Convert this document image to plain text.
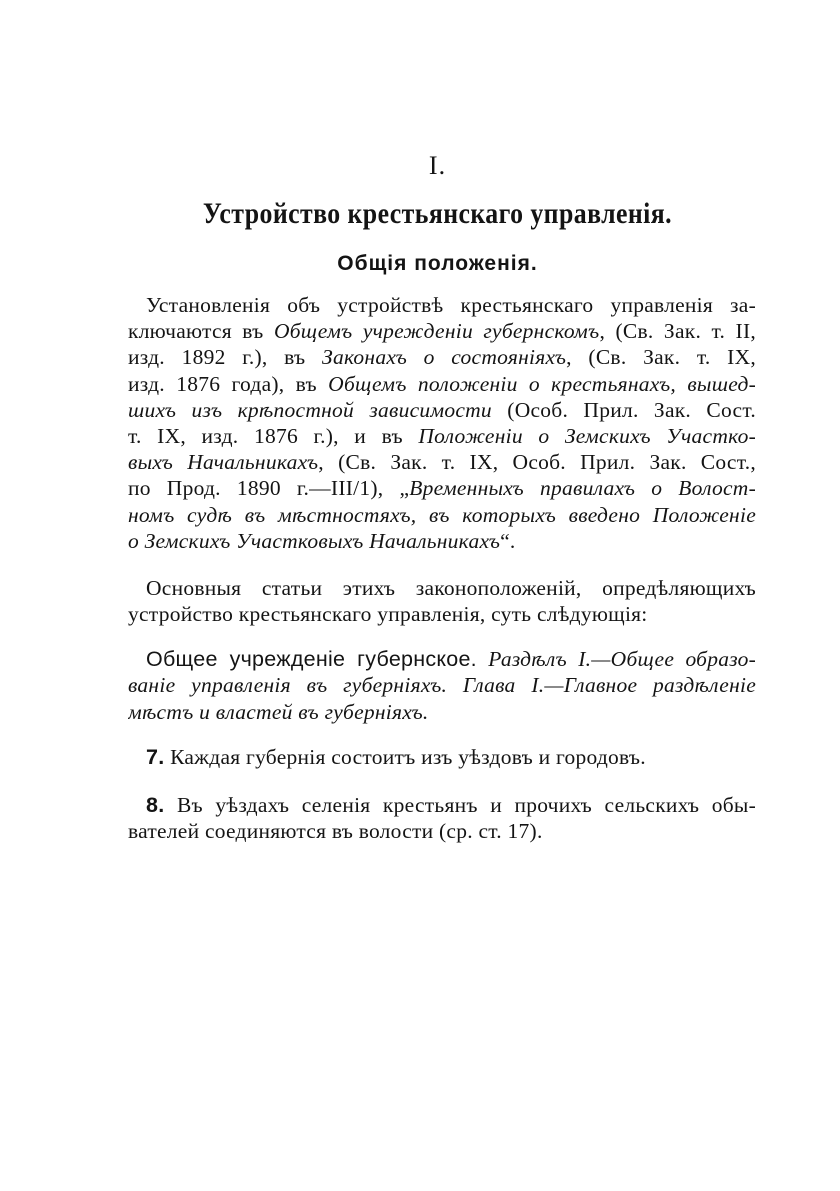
I.
Устройство крестьянскаго управленія.
Общія положенія.
Установленія объ устройствѣ крестьянскаго управленія за-
ключаются въ Общемъ учрежденіи губернскомъ, (Св. Зак. т. II,
изд. 1892 г.), въ Законахъ о состояніяхъ, (Св. Зак. т. IX,
изд. 1876 года), въ Общемъ положеніи о крестьянахъ, вышед-
шихъ изъ крѣпостной зависимости (Особ. Прил. Зак. Сост.
т. IX, изд. 1876 г.), и въ Положеніи о Земскихъ Участко-
выхъ Начальникахъ, (Св. Зак. т. IX, Особ. Прил. Зак. Сост.,
по Прод. 1890 г.—III/1), „Временныхъ правилахъ о Волост-
номъ судѣ въ мѣстностяхъ, въ которыхъ введено Положеніе
о Земскихъ Участковыхъ Начальникахъ“.
Основныя статьи этихъ законоположеній, опредѣляющихъ
устройство крестьянскаго управленія, суть слѣдующія:
Общее учрежденіе губернское. Раздѣлъ I.—Общее образо-
ваніе управленія въ губерніяхъ. Глава I.—Главное раздѣленіе
мѣстъ и властей въ губерніяхъ.
7. Каждая губернія состоитъ изъ уѣздовъ и городовъ.
8. Въ уѣздахъ селенія крестьянъ и прочихъ сельскихъ обы-
вателей соединяются въ волости (ср. ст. 17).
